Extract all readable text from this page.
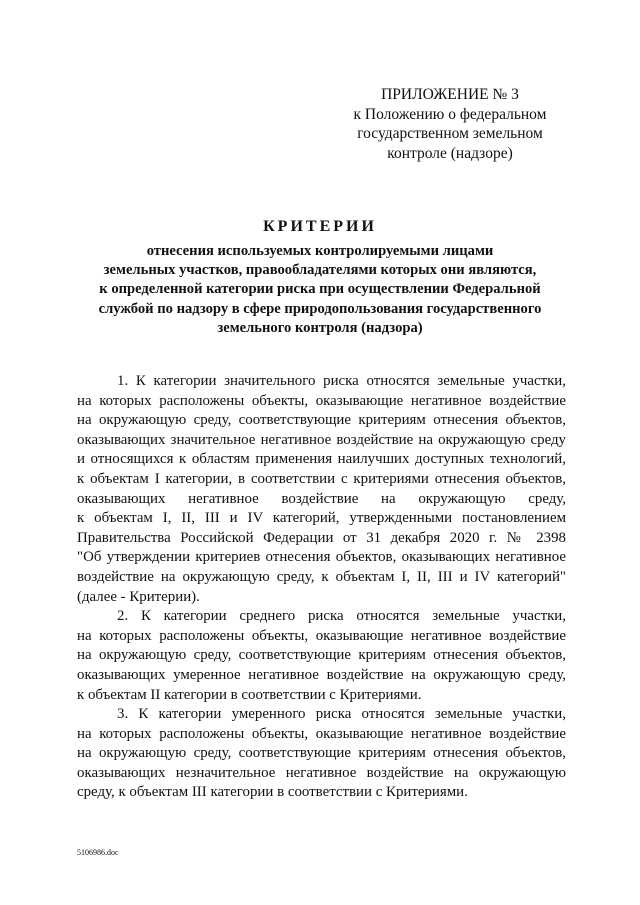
ПРИЛОЖЕНИЕ № 3
к Положению о федеральном
государственном земельном
контроле (надзоре)
КРИТЕРИИ
отнесения используемых контролируемыми лицами
земельных участков, правообладателями которых они являются,
к определенной категории риска при осуществлении Федеральной
службой по надзору в сфере природопользования государственного
земельного контроля (надзора)
1. К категории значительного риска относятся земельные участки,
на которых расположены объекты, оказывающие негативное воздействие
на окружающую среду, соответствующие критериям отнесения объектов,
оказывающих значительное негативное воздействие на окружающую среду
и относящихся к областям применения наилучших доступных технологий,
к объектам I категории, в соответствии с критериями отнесения объектов,
оказывающих негативное воздействие на окружающую среду,
к объектам I, II, III и IV категорий, утвержденными постановлением
Правительства Российской Федерации от 31 декабря 2020 г. № 2398
"Об утверждении критериев отнесения объектов, оказывающих негативное
воздействие на окружающую среду, к объектам I, II, III и IV категорий"
(далее - Критерии).
2. К категории среднего риска относятся земельные участки,
на которых расположены объекты, оказывающие негативное воздействие
на окружающую среду, соответствующие критериям отнесения объектов,
оказывающих умеренное негативное воздействие на окружающую среду,
к объектам II категории в соответствии с Критериями.
3. К категории умеренного риска относятся земельные участки,
на которых расположены объекты, оказывающие негативное воздействие
на окружающую среду, соответствующие критериям отнесения объектов,
оказывающих незначительное негативное воздействие на окружающую
среду, к объектам III категории в соответствии с Критериями.
5106986.doc
